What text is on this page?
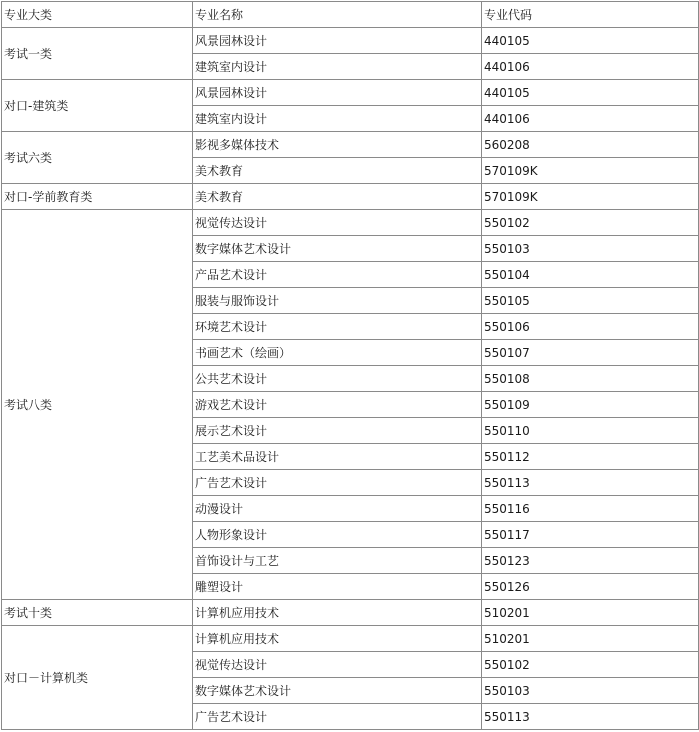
专业大类	专业名称	专业代码
考试一类	风景园林设计	440105
	建筑室内设计	440106
对口-建筑类	风景园林设计	440105
	建筑室内设计	440106
考试六类	影视多媒体技术	560208
	美术教育	570109K
对口-学前教育类	美术教育	570109K
考试八类	视觉传达设计	550102
	数字媒体艺术设计	550103
	产品艺术设计	550104
	服装与服饰设计	550105
	环境艺术设计	550106
	书画艺术（绘画）	550107
	公共艺术设计	550108
	游戏艺术设计	550109
	展示艺术设计	550110
	工艺美术品设计	550112
	广告艺术设计	550113
	动漫设计	550116
	人物形象设计	550117
	首饰设计与工艺	550123
	雕塑设计	550126
考试十类	计算机应用技术	510201
对口－计算机类	计算机应用技术	510201
	视觉传达设计	550102
	数字媒体艺术设计	550103
	广告艺术设计	550113
